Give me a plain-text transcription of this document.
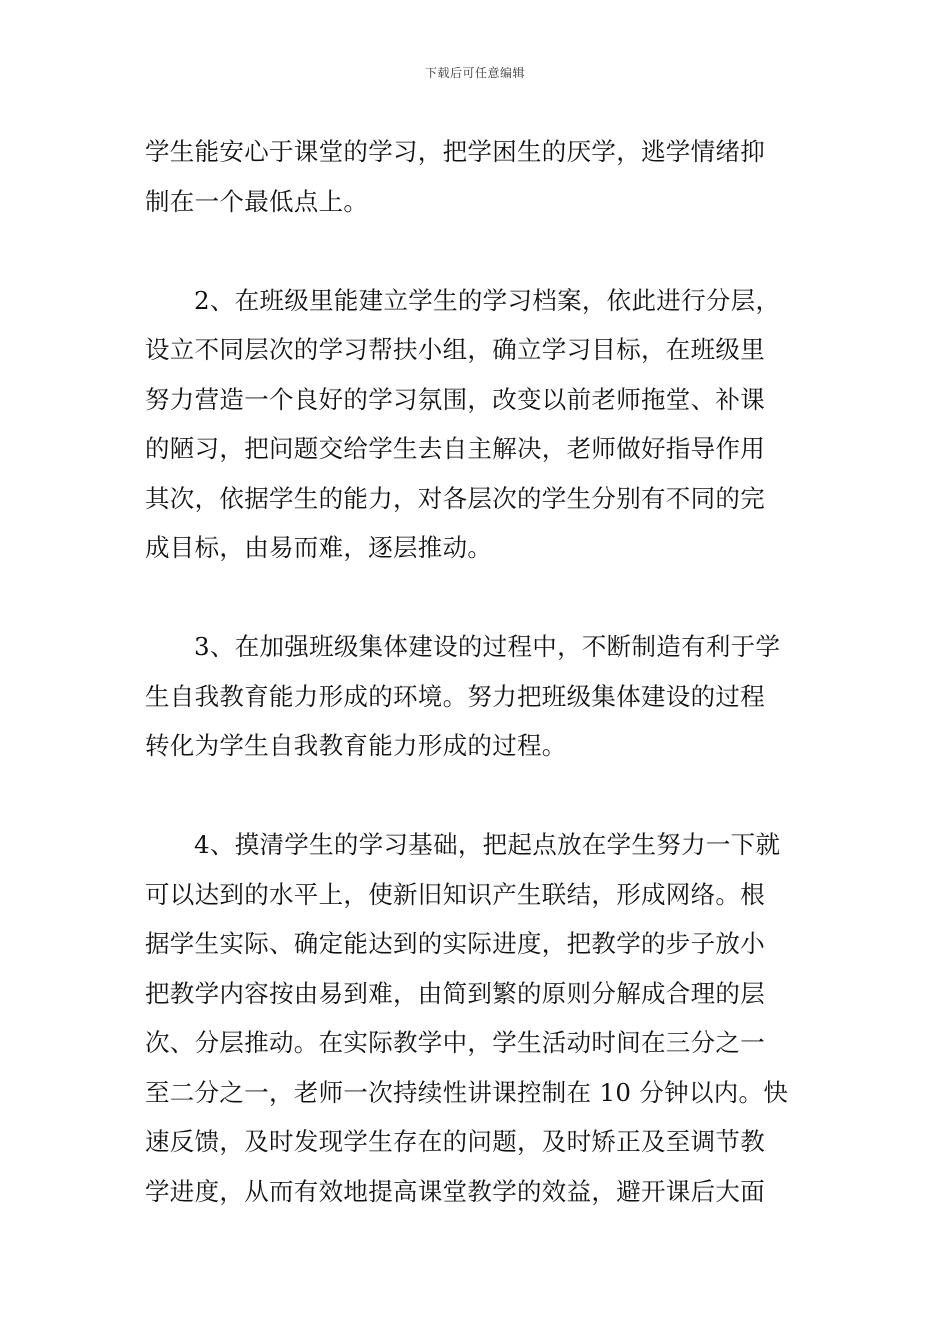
下载后可任意编辑
学生能安心于课堂的学习，把学困生的厌学，逃学情绪抑
制在一个最低点上。
2、在班级里能建立学生的学习档案，依此进行分层，
设立不同层次的学习帮扶小组，确立学习目标，在班级里
努力营造一个良好的学习氛围，改变以前老师拖堂、补课
的陋习，把问题交给学生去自主解决，老师做好指导作用
其次，依据学生的能力，对各层次的学生分别有不同的完
成目标，由易而难，逐层推动。
3、在加强班级集体建设的过程中，不断制造有利于学
生自我教育能力形成的环境。努力把班级集体建设的过程
转化为学生自我教育能力形成的过程。
4、摸清学生的学习基础，把起点放在学生努力一下就
可以达到的水平上，使新旧知识产生联结，形成网络。根
据学生实际、确定能达到的实际进度，把教学的步子放小
把教学内容按由易到难，由简到繁的原则分解成合理的层
次、分层推动。在实际教学中，学生活动时间在三分之一
至二分之一，老师一次持续性讲课控制在 10 分钟以内。快
速反馈，及时发现学生存在的问题，及时矫正及至调节教
学进度，从而有效地提高课堂教学的效益，避开课后大面
